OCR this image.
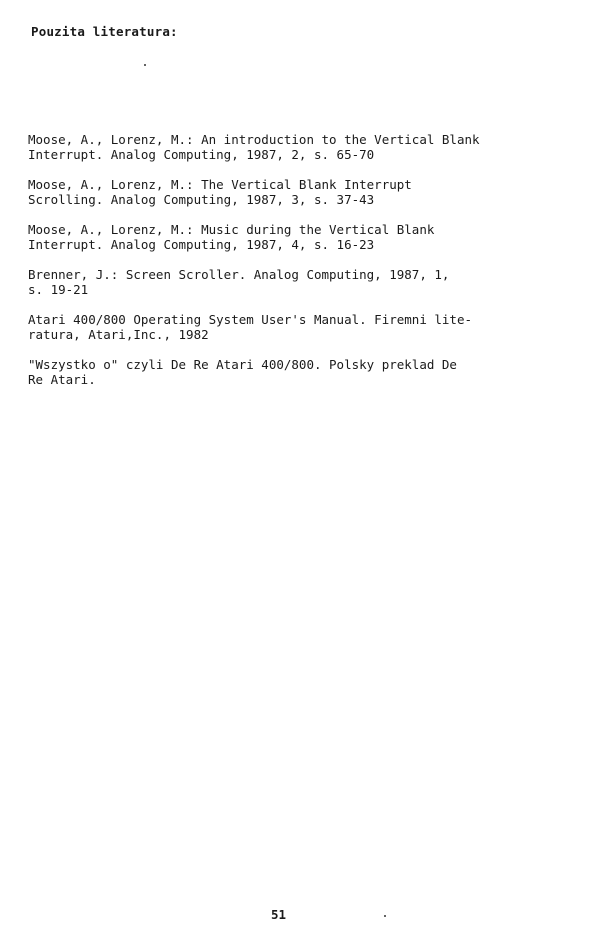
Pouzita literatura:
Moose, A., Lorenz, M.: An introduction to the Vertical Blank
Interrupt. Analog Computing, 1987, 2, s. 65-70
Moose, A., Lorenz, M.: The Vertical Blank Interrupt
Scrolling. Analog Computing, 1987, 3, s. 37-43
Moose, A., Lorenz, M.: Music during the Vertical Blank
Interrupt. Analog Computing, 1987, 4, s. 16-23
Brenner, J.: Screen Scroller. Analog Computing, 1987, 1,
s. 19-21
Atari 400/800 Operating System User's Manual. Firemni lite-
ratura, Atari,Inc., 1982
"Wszystko o" czyli De Re Atari 400/800. Polsky preklad De
Re Atari.
51
